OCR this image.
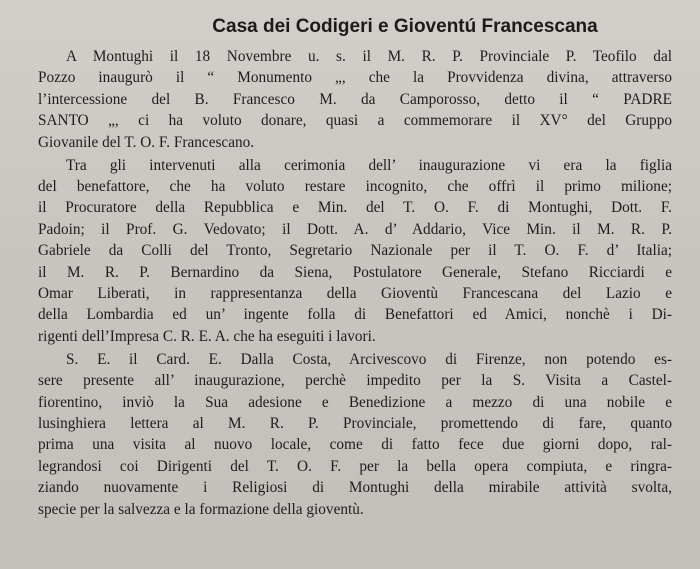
Casa dei Codigeri e Gioventú Francescana

A Montughi il 18 Novembre u. s. il M. R. P. Provinciale P. Teofilo dal
Pozzo inaugurò il “ Monumento „, che la Provvidenza divina, attraverso
l’intercessione del B. Francesco M. da Camporosso, detto il “ PADRE
SANTO „, ci ha voluto donare, quasi a commemorare il XV° del Gruppo
Giovanile del T. O. F. Francescano.

Tra gli intervenuti alla cerimonia dell’ inaugurazione vi era la figlia
del benefattore, che ha voluto restare incognito, che offrì il primo milione;
il Procuratore della Repubblica e Min. del T. O. F. di Montughi, Dott. F.
Padoin; il Prof. G. Vedovato; il Dott. A. d’ Addario, Vice Min. il M. R. P.
Gabriele da Colli del Tronto, Segretario Nazionale per il T. O. F. d’ Italia;
il M. R. P. Bernardino da Siena, Postulatore Generale, Stefano Ricciardi e
Omar Liberati, in rappresentanza della Gioventù Francescana del Lazio e
della Lombardia ed un’ ingente folla di Benefattori ed Amici, nonchè i Di-
rigenti dell’Impresa C. R. E. A. che ha eseguiti i lavori.

S. E. il Card. E. Dalla Costa, Arcivescovo di Firenze, non potendo es-
sere presente all’ inaugurazione, perchè impedito per la S. Visita a Castel-
fiorentino, inviò la Sua adesione e Benedizione a mezzo di una nobile e
lusinghiera lettera al M. R. P. Provinciale, promettendo di fare, quanto
prima una visita al nuovo locale, come di fatto fece due giorni dopo, ral-
legrandosi coi Dirigenti del T. O. F. per la bella opera compiuta, e ringra-
ziando nuovamente i Religiosi di Montughi della mirabile attività svolta,
specie per la salvezza e la formazione della gioventù.
